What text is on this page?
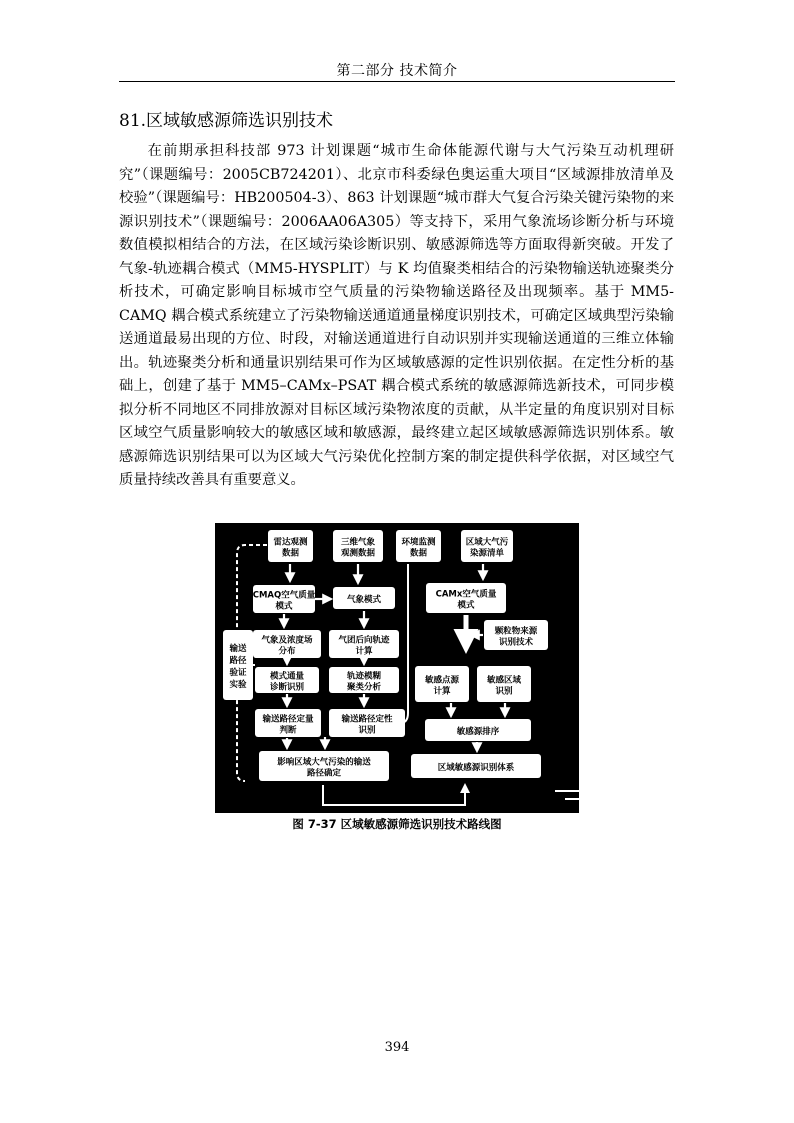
第二部分 技术简介
81.区域敏感源筛选识别技术

在前期承担科技部 973 计划课题“城市生命体能源代谢与大气污染互动机理研究”（课题编号：2005CB724201）、北京市科委绿色奥运重大项目“区域源排放清单及校验”（课题编号：HB200504-3）、863 计划课题“城市群大气复合污染关键污染物的来源识别技术”（课题编号：2006AA06A305）等支持下，采用气象流场诊断分析与环境数值模拟相结合的方法，在区域污染诊断识别、敏感源筛选等方面取得新突破。开发了气象-轨迹耦合模式（MM5-HYSPLIT）与 K 均值聚类相结合的污染物输送轨迹聚类分析技术，可确定影响目标城市空气质量的污染物输送路径及出现频率。基于 MM5-CAMQ 耦合模式系统建立了污染物输送通道通量梯度识别技术，可确定区域典型污染输送通道最易出现的方位、时段，对输送通道进行自动识别并实现输送通道的三维立体输出。轨迹聚类分析和通量识别结果可作为区域敏感源的定性识别依据。在定性分析的基础上，创建了基于 MM5–CAMx–PSAT 耦合模式系统的敏感源筛选新技术，可同步模拟分析不同地区不同排放源对目标区域污染物浓度的贡献，从半定量的角度识别对目标区域空气质量影响较大的敏感区域和敏感源，最终建立起区域敏感源筛选识别体系。敏感源筛选识别结果可以为区域大气污染优化控制方案的制定提供科学依据，对区域空气质量持续改善具有重要意义。

雷达观测
数据
三维气象
观测数据
环境监测
数据
区域大气污
染源清单
CMAQ空气质量
模式
气象模式
CAMx空气质量
模式
颗粒物来源
识别技术
输送
路径
验证
实验
气象及浓度场
分布
气团后向轨迹
计算
模式通量
诊断识别
轨迹模糊
聚类分析
敏感点源
计算
敏感区域
识别
输送路径定量
判断
输送路径定性
识别	敏感源排序
影响区域大气污染的输送
路径确定
区域敏感源识别体系
图 7-37 区域敏感源筛选识别技术路线图
394
